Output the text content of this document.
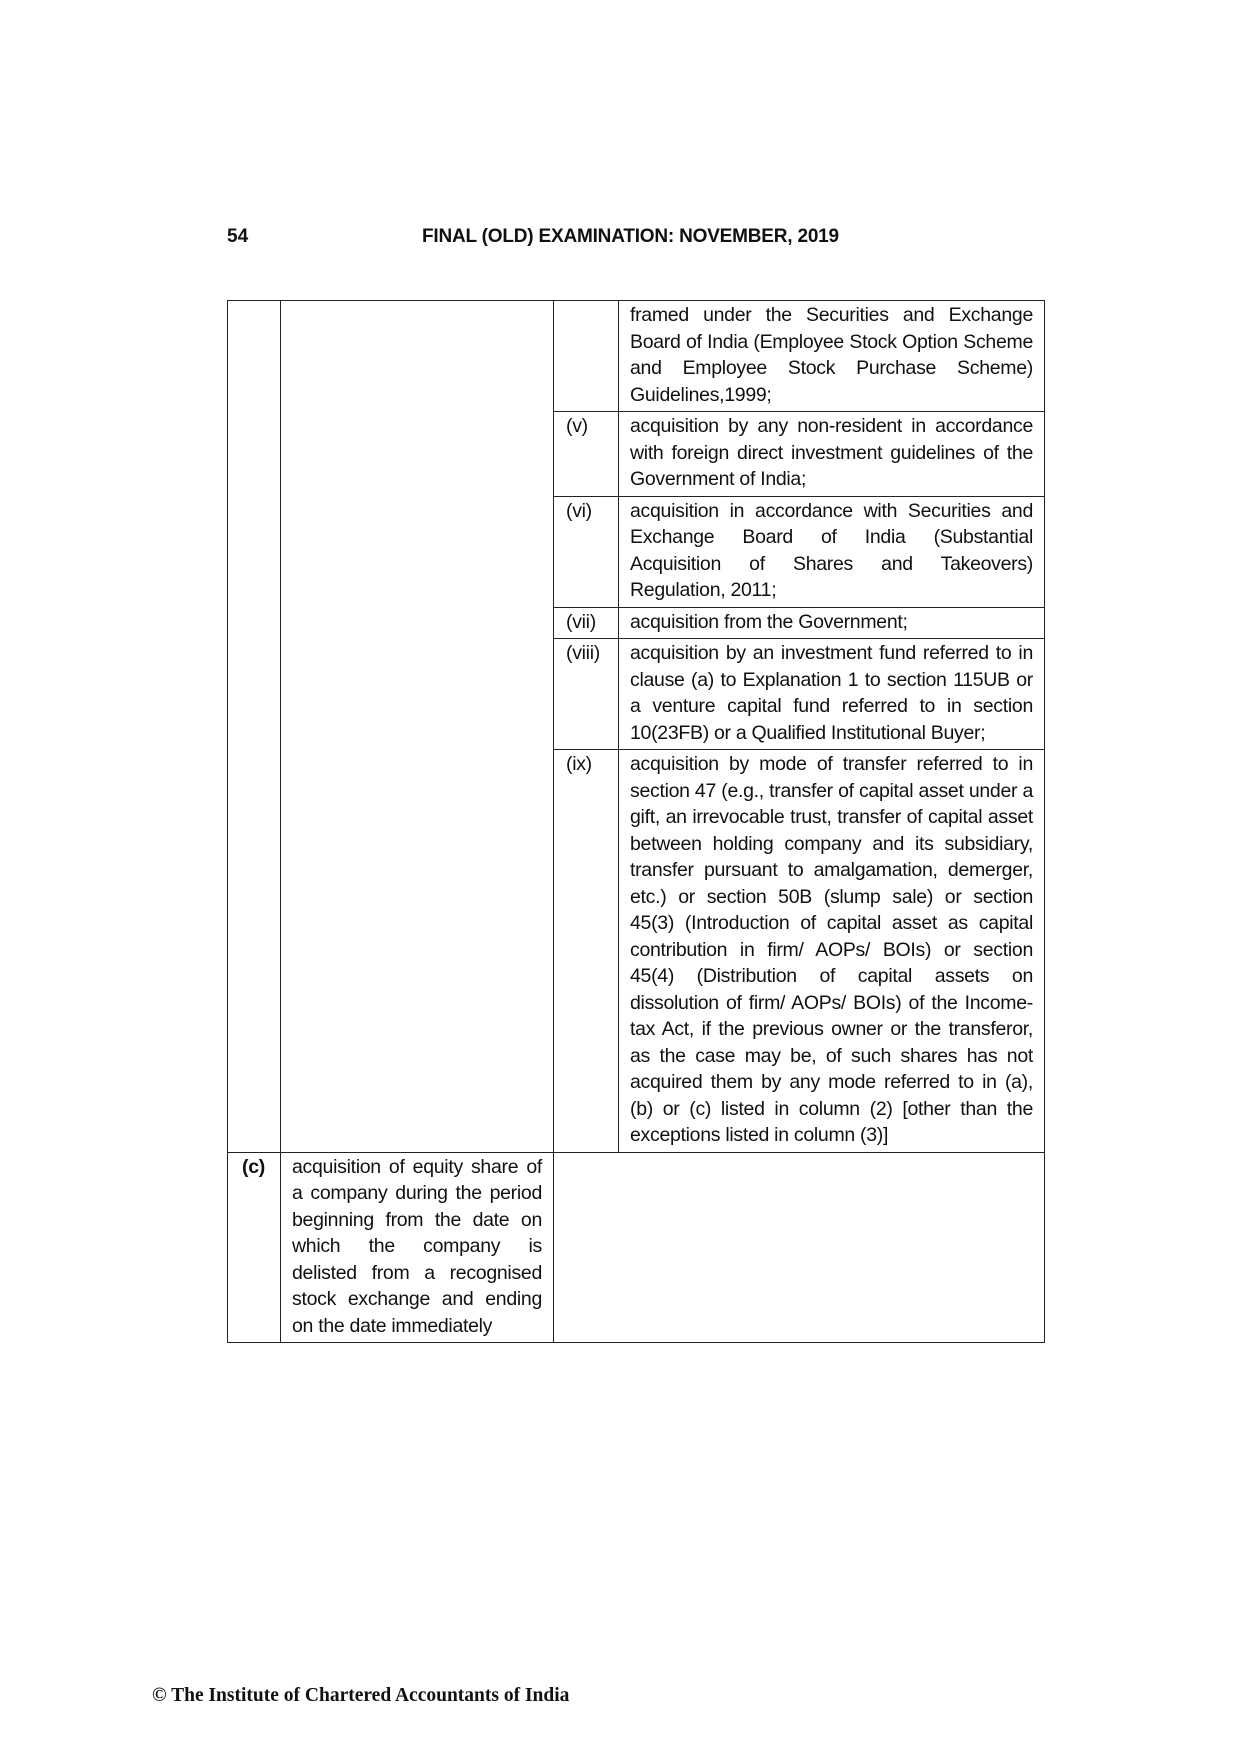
54	FINAL (OLD) EXAMINATION: NOVEMBER, 2019
			framed under the Securities and Exchange Board of India (Employee Stock Option Scheme and Employee Stock Purchase Scheme) Guidelines,1999;
		(v)	acquisition by any non-resident in accordance with foreign direct investment guidelines of the Government of India;
		(vi)	acquisition in accordance with Securities and Exchange Board of India (Substantial Acquisition of Shares and Takeovers) Regulation, 2011;
		(vii)	acquisition from the Government;
		(viii)	acquisition by an investment fund referred to in clause (a) to Explanation 1 to section 115UB or a venture capital fund referred to in section 10(23FB) or a Qualified Institutional Buyer;
		(ix)	acquisition by mode of transfer referred to in section 47 (e.g., transfer of capital asset under a gift, an irrevocable trust, transfer of capital asset between holding company and its subsidiary, transfer pursuant to amalgamation, demerger, etc.) or section 50B (slump sale) or section 45(3) (Introduction of capital asset as capital contribution in firm/ AOPs/ BOIs) or section 45(4) (Distribution of capital assets on dissolution of firm/ AOPs/ BOIs) of the Income-tax Act, if the previous owner or the transferor, as the case may be, of such shares has not acquired them by any mode referred to in (a), (b) or (c) listed in column (2) [other than the exceptions listed in column (3)]
(c)	acquisition of equity share of a company during the period beginning from the date on which the company is delisted from a recognised stock exchange and ending on the date immediately		
© The Institute of Chartered Accountants of India
